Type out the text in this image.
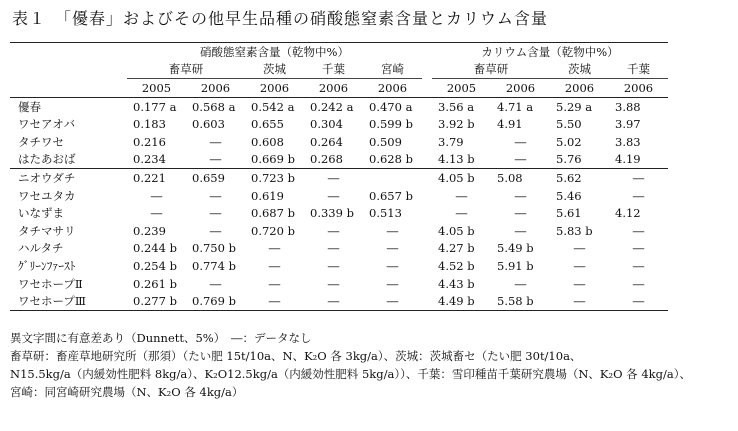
表１　「優春」およびその他早生品種の硝酸態窒素含量とカリウム含量
	硝酸態窒素含量（乾物中%）						カリウム含量（乾物中%）			
	畜草研		茨城	千葉	宮崎		畜草研		茨城	千葉
	2005	2006	2006	2006	2006		2005	2006	2006	2006
優春	0.177 a	0.568 a	0.542 a	0.242 a	0.470 a		3.56 a	4.71 a	5.29 a	3.88
ワセアオバ	0.183	0.603	0.655	0.304	0.599 b		3.92 b	4.91	5.50	3.97
タチワセ	0.216	―	0.608	0.264	0.509		3.79	―	5.02	3.83
はたあおば	0.234	―	0.669 b	0.268	0.628 b		4.13 b	―	5.76	4.19
ニオウダチ	0.221	0.659	0.723 b	―			4.05 b	5.08	5.62	―
ワセユタカ	―	―	0.619	―	0.657 b		―	―	5.46	―
いなずま	―	―	0.687 b	0.339 b	0.513		―	―	5.61	4.12
タチマサリ	0.239	―	0.720 b	―	―		4.05 b	―	5.83 b	―
ハルタチ	0.244 b	0.750 b	―	―	―		4.27 b	5.49 b	―	―
ｸﾞﾘｰﾝﾌｧｰｽﾄ	0.254 b	0.774 b	―	―	―		4.52 b	5.91 b	―	―
ワセホープⅡ	0.261 b	―	―	―	―		4.43 b	―	―	―
ワセホープⅢ	0.277 b	0.769 b	―	―	―		4.49 b	5.58 b	―	―

異文字間に有意差あり（Dunnett、5%）　―：データなし

畜草研：畜産草地研究所（那須）（たい肥 15t/10a、N、K₂O 各 3kg/a）、茨城：茨城畜セ（たい肥 30t/10a、

N15.5kg/a（内緩効性肥料 8kg/a）、K₂O12.5kg/a（内緩効性肥料 5kg/a））、千葉：雪印種苗千葉研究農場（N、K₂O 各 4kg/a）、

宮崎：同宮崎研究農場（N、K₂O 各 4kg/a）
